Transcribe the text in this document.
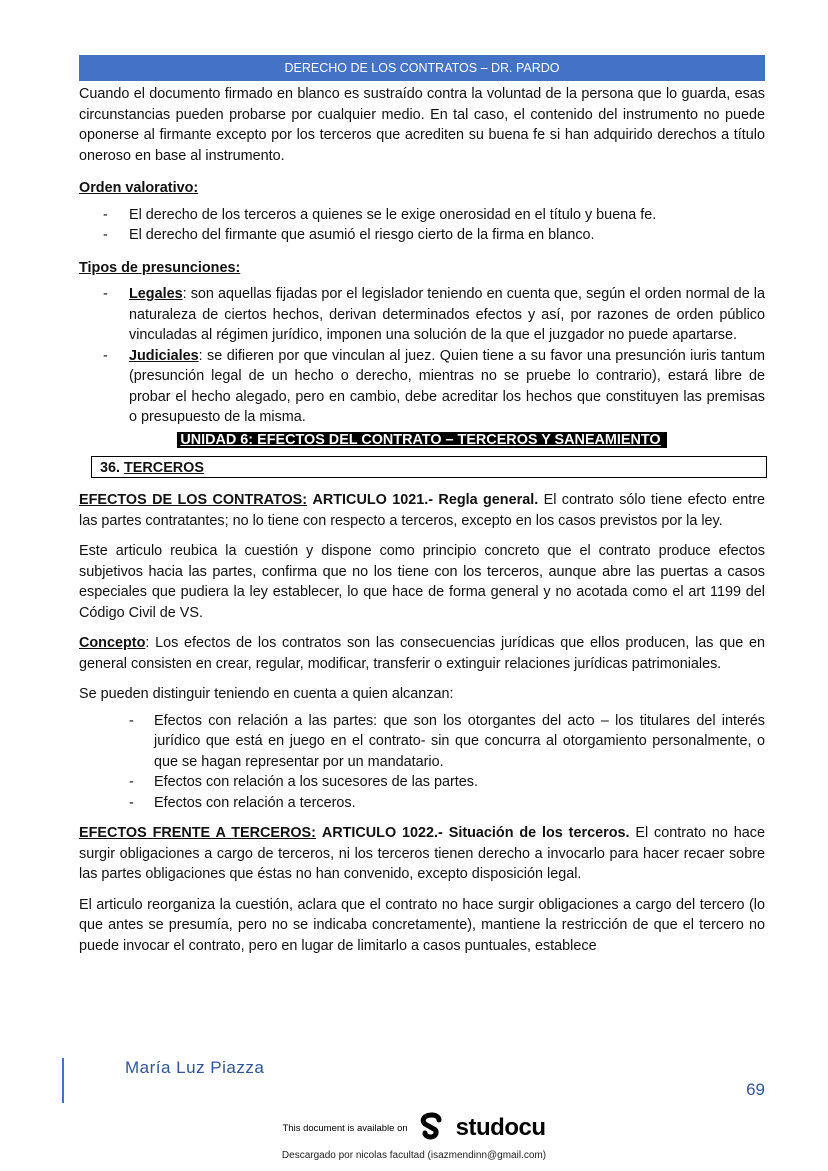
DERECHO DE LOS CONTRATOS – DR. PARDO

Cuando el documento firmado en blanco es sustraído contra la voluntad de la persona que lo guarda, esas circunstancias pueden probarse por cualquier medio. En tal caso, el contenido del instrumento no puede oponerse al firmante excepto por los terceros que acrediten su buena fe si han adquirido derechos a título oneroso en base al instrumento.

Orden valorativo:

- El derecho de los terceros a quienes se le exige onerosidad en el título y buena fe.
- El derecho del firmante que asumió el riesgo cierto de la firma en blanco.

Tipos de presunciones:

- Legales: son aquellas fijadas por el legislador teniendo en cuenta que, según el orden normal de la naturaleza de ciertos hechos, derivan determinados efectos y así, por razones de orden público vinculadas al régimen jurídico, imponen una solución de la que el juzgador no puede apartarse.
- Judiciales: se difieren por que vinculan al juez. Quien tiene a su favor una presunción iuris tantum (presunción legal de un hecho o derecho, mientras no se pruebe lo contrario), estará libre de probar el hecho alegado, pero en cambio, debe acreditar los hechos que constituyen las premisas o presupuesto de la misma.
UNIDAD 6: EFECTOS DEL CONTRATO – TERCEROS Y SANEAMIENTO
36. TERCEROS

EFECTOS DE LOS CONTRATOS: ARTICULO 1021.- Regla general. El contrato sólo tiene efecto entre las partes contratantes; no lo tiene con respecto a terceros, excepto en los casos previstos por la ley.

Este articulo reubica la cuestión y dispone como principio concreto que el contrato produce efectos subjetivos hacia las partes, confirma que no los tiene con los terceros, aunque abre las puertas a casos especiales que pudiera la ley establecer, lo que hace de forma general y no acotada como el art 1199 del Código Civil de VS.

Concepto: Los efectos de los contratos son las consecuencias jurídicas que ellos producen, las que en general consisten en crear, regular, modificar, transferir o extinguir relaciones jurídicas patrimoniales.

Se pueden distinguir teniendo en cuenta a quien alcanzan:

- Efectos con relación a las partes: que son los otorgantes del acto – los titulares del interés jurídico que está en juego en el contrato- sin que concurra al otorgamiento personalmente, o que se hagan representar por un mandatario.
- Efectos con relación a los sucesores de las partes.
- Efectos con relación a terceros.

EFECTOS FRENTE A TERCEROS: ARTICULO 1022.- Situación de los terceros. El contrato no hace surgir obligaciones a cargo de terceros, ni los terceros tienen derecho a invocarlo para hacer recaer sobre las partes obligaciones que éstas no han convenido, excepto disposición legal.

El articulo reorganiza la cuestión, aclara que el contrato no hace surgir obligaciones a cargo del tercero (lo que antes se presumía, pero no se indicaba concretamente), mantiene la restricción de que el tercero no puede invocar el contrato, pero en lugar de limitarlo a casos puntuales, establece

María Luz Piazza
69
This document is available on studocu
Descargado por nicolas facultad (isazmendinn@gmail.com)
